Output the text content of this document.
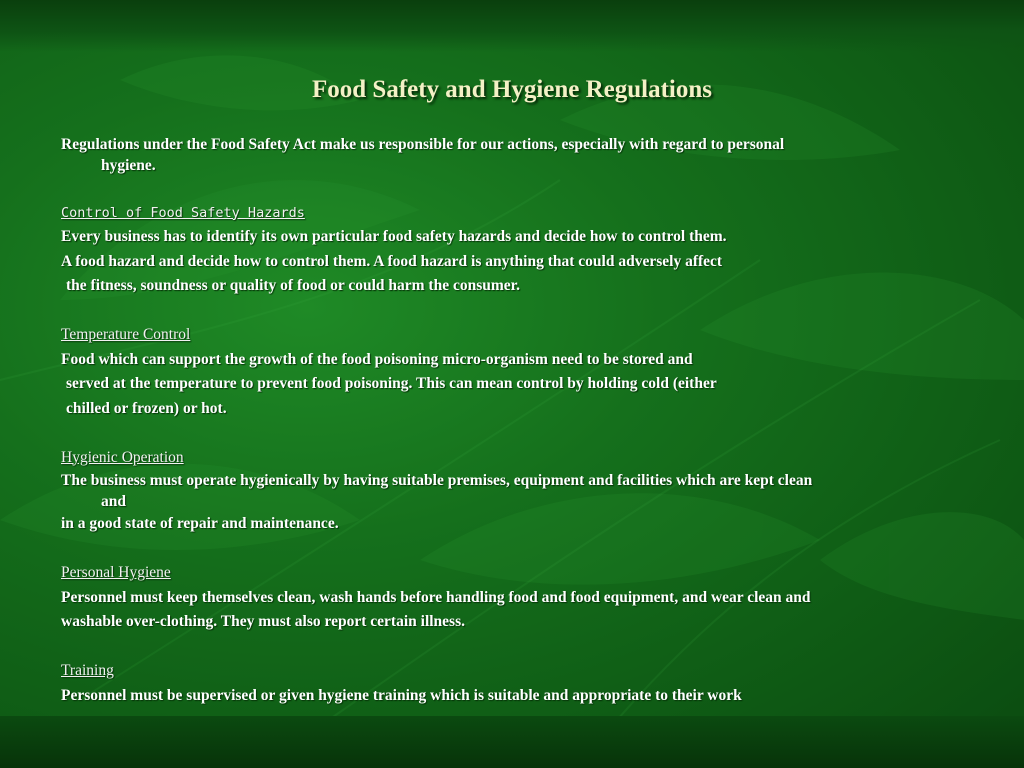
Food Safety and Hygiene Regulations
Regulations under the Food Safety Act make us responsible for our actions, especially with regard to personal
hygiene.
Control of Food Safety Hazards
Every business has to identify its own particular food safety hazards and decide how to control them.
A food hazard and decide how to control them. A food hazard is anything that could adversely affect
the fitness, soundness or quality of food or could harm the consumer.
Temperature Control
Food which can support the growth of the food poisoning micro-organism need to be stored and
served at the temperature to prevent food poisoning. This can mean control by holding cold (either
chilled or frozen) or hot.
Hygienic Operation
The business must operate hygienically by having suitable premises, equipment and facilities which are kept clean
and
in a good state of repair and maintenance.
Personal Hygiene
Personnel must keep themselves clean, wash hands before handling food and food equipment, and wear clean and
washable over-clothing. They must also report certain illness.
Training
Personnel must be supervised or given hygiene training which is suitable and appropriate to their work
